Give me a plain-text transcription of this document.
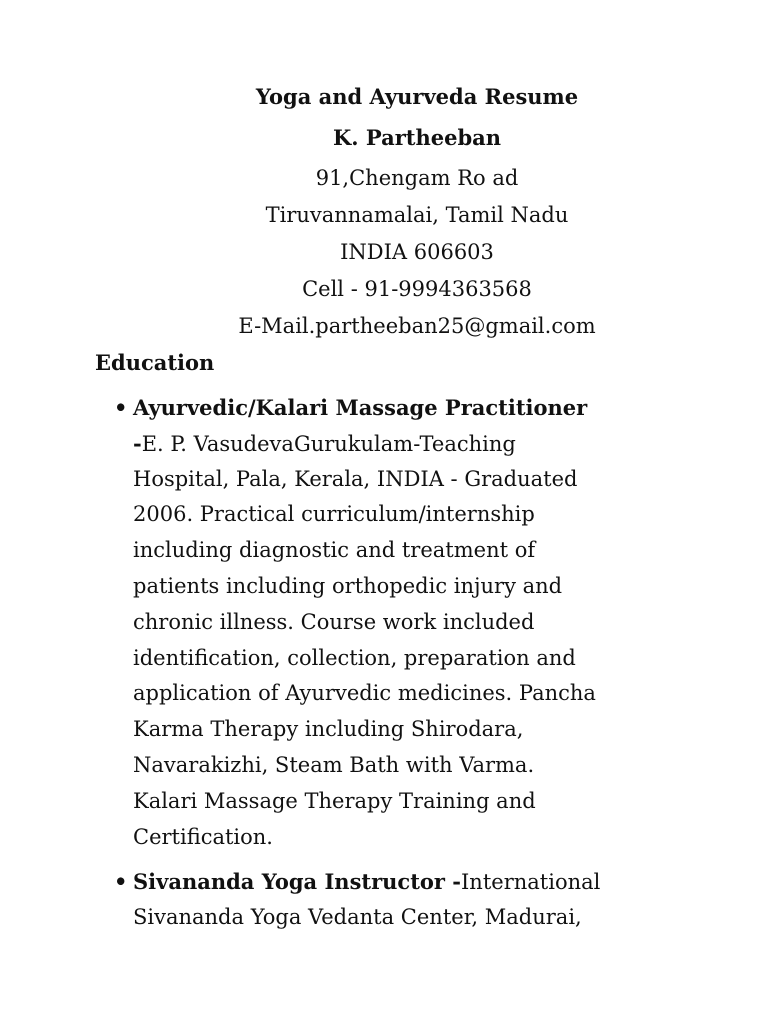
Yoga and Ayurveda Resume
K. Partheeban
91,Chengam Ro ad
Tiruvannamalai, Tamil Nadu
INDIA 606603
Cell - 91-9994363568
E-Mail.partheeban25@gmail.com
Education
• Ayurvedic/Kalari Massage Practitioner
-E. P. VasudevaGurukulam-Teaching
Hospital, Pala, Kerala, INDIA - Graduated
2006. Practical curriculum/internship
including diagnostic and treatment of
patients including orthopedic injury and
chronic illness. Course work included
identification, collection, preparation and
application of Ayurvedic medicines. Pancha
Karma Therapy including Shirodara,
Navarakizhi, Steam Bath with Varma.
Kalari Massage Therapy Training and
Certification.
• Sivananda Yoga Instructor -International
Sivananda Yoga Vedanta Center, Madurai,
